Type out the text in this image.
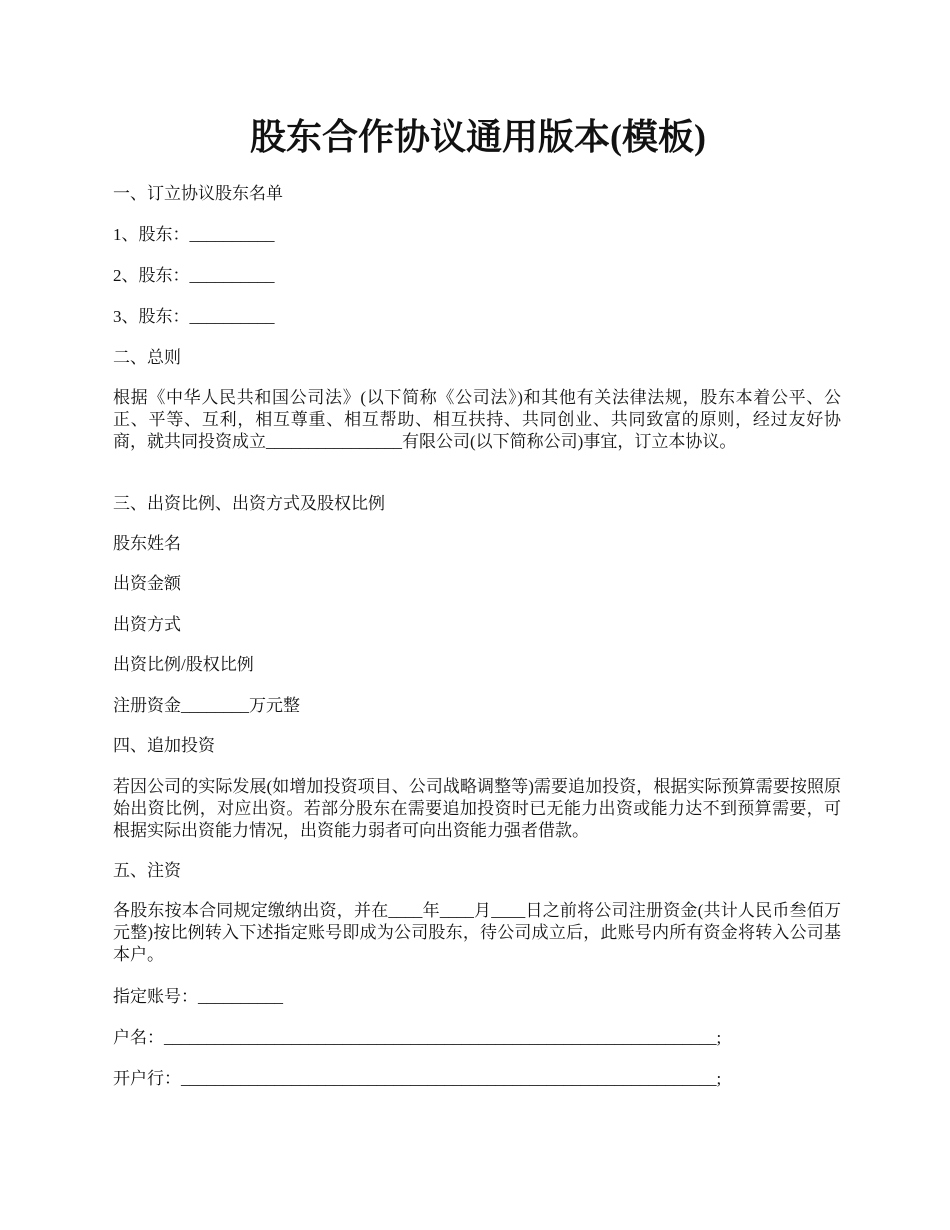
股东合作协议通用版本(模板)

一、订立协议股东名单

1、股东：__________

2、股东：__________

3、股东：__________

二、总则

根据《中华人民共和国公司法》(以下简称《公司法》)和其他有关法律法规，股东本着公平、公正、平等、互利，相互尊重、相互帮助、相互扶持、共同创业、共同致富的原则，经过友好协商，就共同投资成立________________有限公司(以下简称公司)事宜，订立本协议。

三、出资比例、出资方式及股权比例

股东姓名

出资金额

出资方式

出资比例/股权比例

注册资金________万元整

四、追加投资

若因公司的实际发展(如增加投资项目、公司战略调整等)需要追加投资，根据实际预算需要按照原始出资比例，对应出资。若部分股东在需要追加投资时已无能力出资或能力达不到预算需要，可根据实际出资能力情况，出资能力弱者可向出资能力强者借款。

五、注资

各股东按本合同规定缴纳出资，并在____年____月____日之前将公司注册资金(共计人民币叁佰万元整)按比例转入下述指定账号即成为公司股东，待公司成立后，此账号内所有资金将转入公司基本户。

指定账号：__________

户名：_________________________________________________________________;

开户行：_______________________________________________________________;
